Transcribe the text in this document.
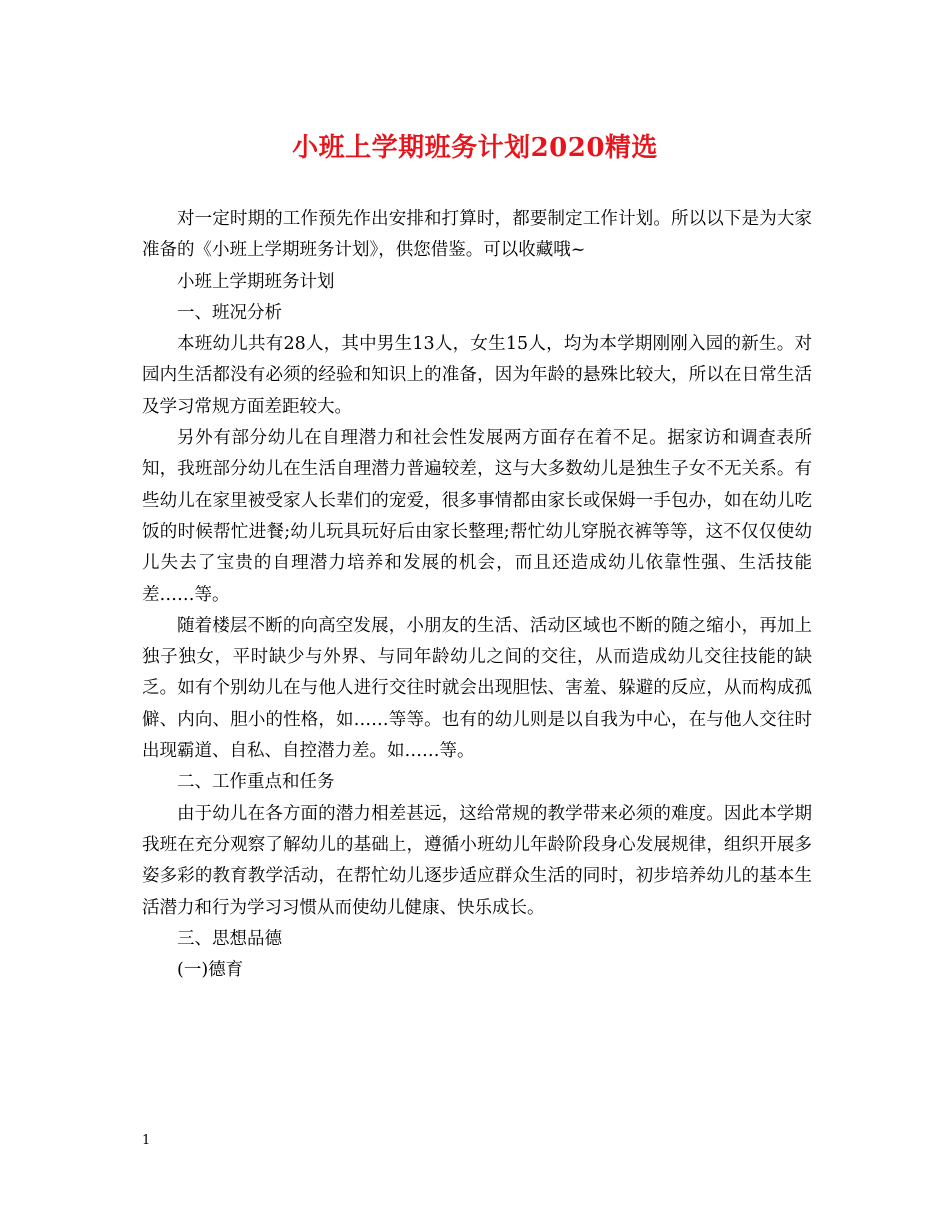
小班上学期班务计划2020精选

对一定时期的工作预先作出安排和打算时，都要制定工作计划。所以以下是为大家准备的《小班上学期班务计划》，供您借鉴。可以收藏哦~

小班上学期班务计划

一、班况分析

本班幼儿共有28人，其中男生13人，女生15人，均为本学期刚刚入园的新生。对园内生活都没有必须的经验和知识上的准备，因为年龄的悬殊比较大，所以在日常生活及学习常规方面差距较大。

另外有部分幼儿在自理潜力和社会性发展两方面存在着不足。据家访和调查表所知，我班部分幼儿在生活自理潜力普遍较差，这与大多数幼儿是独生子女不无关系。有些幼儿在家里被受家人长辈们的宠爱，很多事情都由家长或保姆一手包办，如在幼儿吃饭的时候帮忙进餐;幼儿玩具玩好后由家长整理;帮忙幼儿穿脱衣裤等等，这不仅仅使幼儿失去了宝贵的自理潜力培养和发展的机会，而且还造成幼儿依靠性强、生活技能差……等。

随着楼层不断的向高空发展，小朋友的生活、活动区域也不断的随之缩小，再加上独子独女，平时缺少与外界、与同年龄幼儿之间的交往，从而造成幼儿交往技能的缺乏。如有个别幼儿在与他人进行交往时就会出现胆怯、害羞、躲避的反应，从而构成孤僻、内向、胆小的性格，如……等等。也有的幼儿则是以自我为中心，在与他人交往时出现霸道、自私、自控潜力差。如……等。

二、工作重点和任务

由于幼儿在各方面的潜力相差甚远，这给常规的教学带来必须的难度。因此本学期我班在充分观察了解幼儿的基础上，遵循小班幼儿年龄阶段身心发展规律，组织开展多姿多彩的教育教学活动，在帮忙幼儿逐步适应群众生活的同时，初步培养幼儿的基本生活潜力和行为学习习惯从而使幼儿健康、快乐成长。

三、思想品德

(一)德育

1
